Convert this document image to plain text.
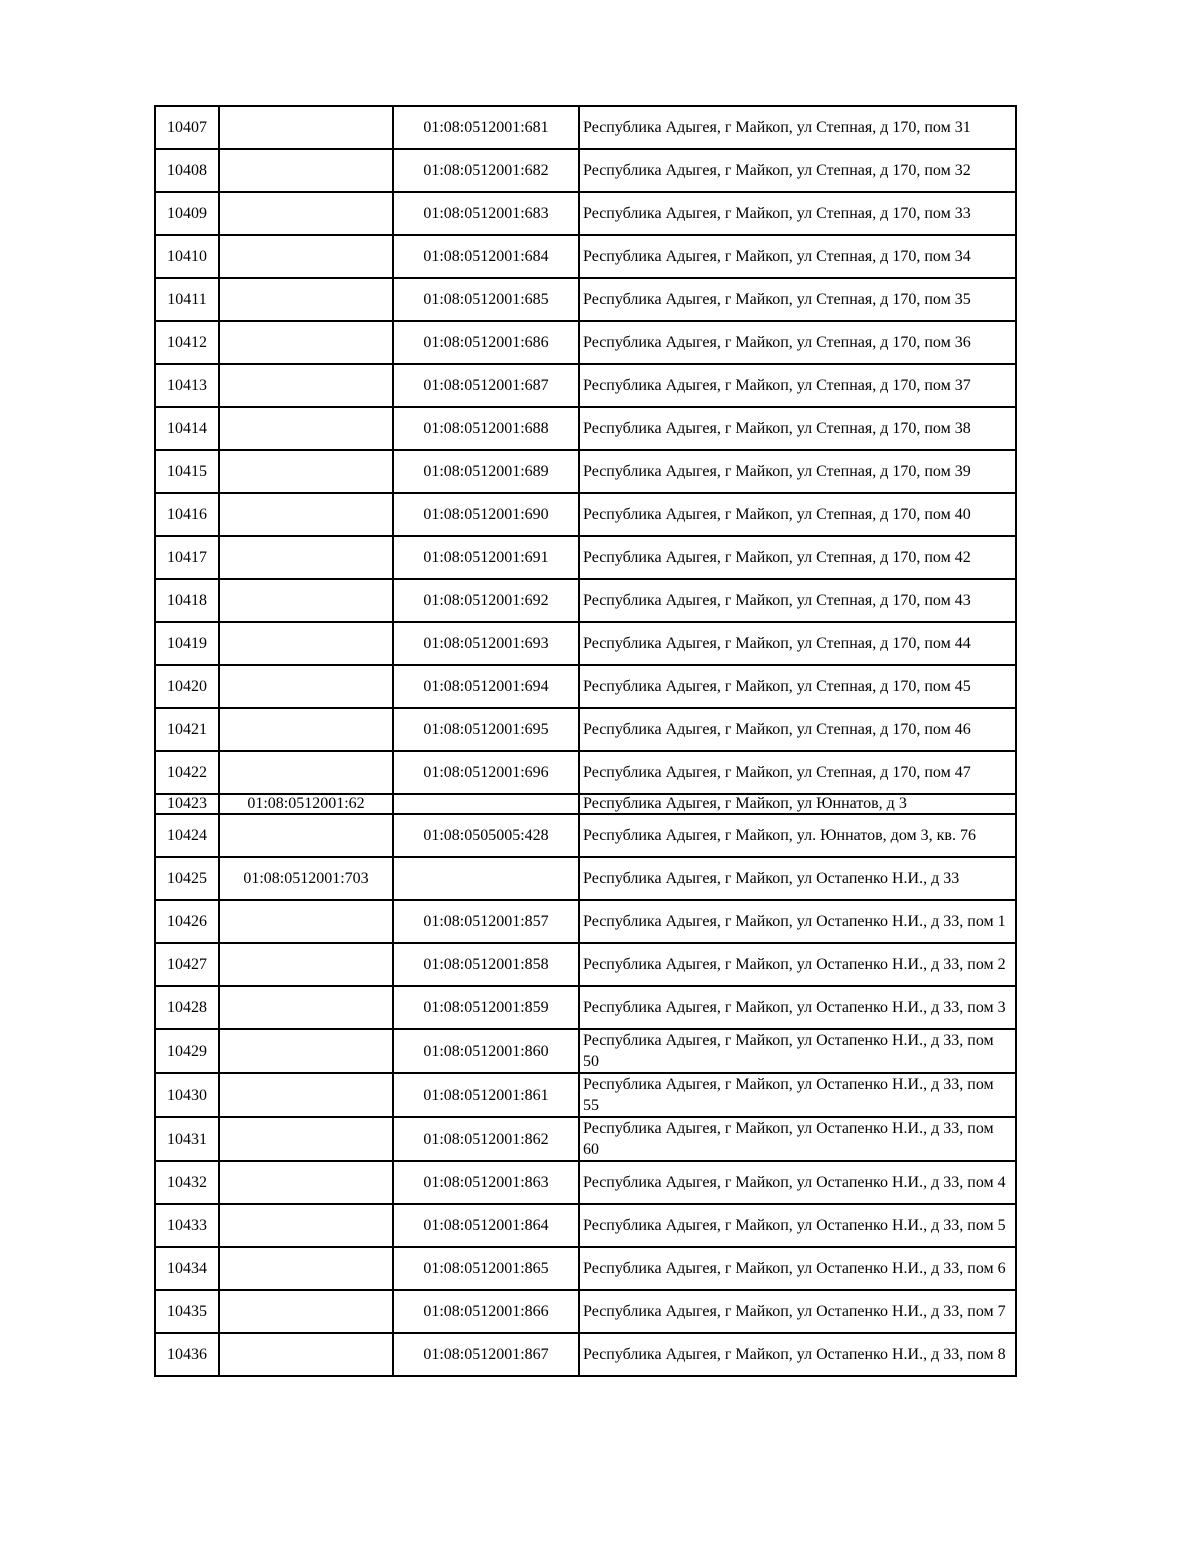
10407		01:08:0512001:681	Республика Адыгея, г Майкоп, ул Степная, д 170, пом 31
10408		01:08:0512001:682	Республика Адыгея, г Майкоп, ул Степная, д 170, пом 32
10409		01:08:0512001:683	Республика Адыгея, г Майкоп, ул Степная, д 170, пом 33
10410		01:08:0512001:684	Республика Адыгея, г Майкоп, ул Степная, д 170, пом 34
10411		01:08:0512001:685	Республика Адыгея, г Майкоп, ул Степная, д 170, пом 35
10412		01:08:0512001:686	Республика Адыгея, г Майкоп, ул Степная, д 170, пом 36
10413		01:08:0512001:687	Республика Адыгея, г Майкоп, ул Степная, д 170, пом 37
10414		01:08:0512001:688	Республика Адыгея, г Майкоп, ул Степная, д 170, пом 38
10415		01:08:0512001:689	Республика Адыгея, г Майкоп, ул Степная, д 170, пом 39
10416		01:08:0512001:690	Республика Адыгея, г Майкоп, ул Степная, д 170, пом 40
10417		01:08:0512001:691	Республика Адыгея, г Майкоп, ул Степная, д 170, пом 42
10418		01:08:0512001:692	Республика Адыгея, г Майкоп, ул Степная, д 170, пом 43
10419		01:08:0512001:693	Республика Адыгея, г Майкоп, ул Степная, д 170, пом 44
10420		01:08:0512001:694	Республика Адыгея, г Майкоп, ул Степная, д 170, пом 45
10421		01:08:0512001:695	Республика Адыгея, г Майкоп, ул Степная, д 170, пом 46
10422		01:08:0512001:696	Республика Адыгея, г Майкоп, ул Степная, д 170, пом 47
10423	01:08:0512001:62		Республика Адыгея, г Майкоп, ул Юннатов, д 3
10424		01:08:0505005:428	Республика Адыгея, г Майкоп, ул. Юннатов, дом 3, кв. 76
10425	01:08:0512001:703		Республика Адыгея, г Майкоп, ул Остапенко Н.И., д 33
10426		01:08:0512001:857	Республика Адыгея, г Майкоп, ул Остапенко Н.И., д 33, пом 1
10427		01:08:0512001:858	Республика Адыгея, г Майкоп, ул Остапенко Н.И., д 33, пом 2
10428		01:08:0512001:859	Республика Адыгея, г Майкоп, ул Остапенко Н.И., д 33, пом 3
10429		01:08:0512001:860	Республика Адыгея, г Майкоп, ул Остапенко Н.И., д 33, пом 50
10430		01:08:0512001:861	Республика Адыгея, г Майкоп, ул Остапенко Н.И., д 33, пом 55
10431		01:08:0512001:862	Республика Адыгея, г Майкоп, ул Остапенко Н.И., д 33, пом 60
10432		01:08:0512001:863	Республика Адыгея, г Майкоп, ул Остапенко Н.И., д 33, пом 4
10433		01:08:0512001:864	Республика Адыгея, г Майкоп, ул Остапенко Н.И., д 33, пом 5
10434		01:08:0512001:865	Республика Адыгея, г Майкоп, ул Остапенко Н.И., д 33, пом 6
10435		01:08:0512001:866	Республика Адыгея, г Майкоп, ул Остапенко Н.И., д 33, пом 7
10436		01:08:0512001:867	Республика Адыгея, г Майкоп, ул Остапенко Н.И., д 33, пом 8
